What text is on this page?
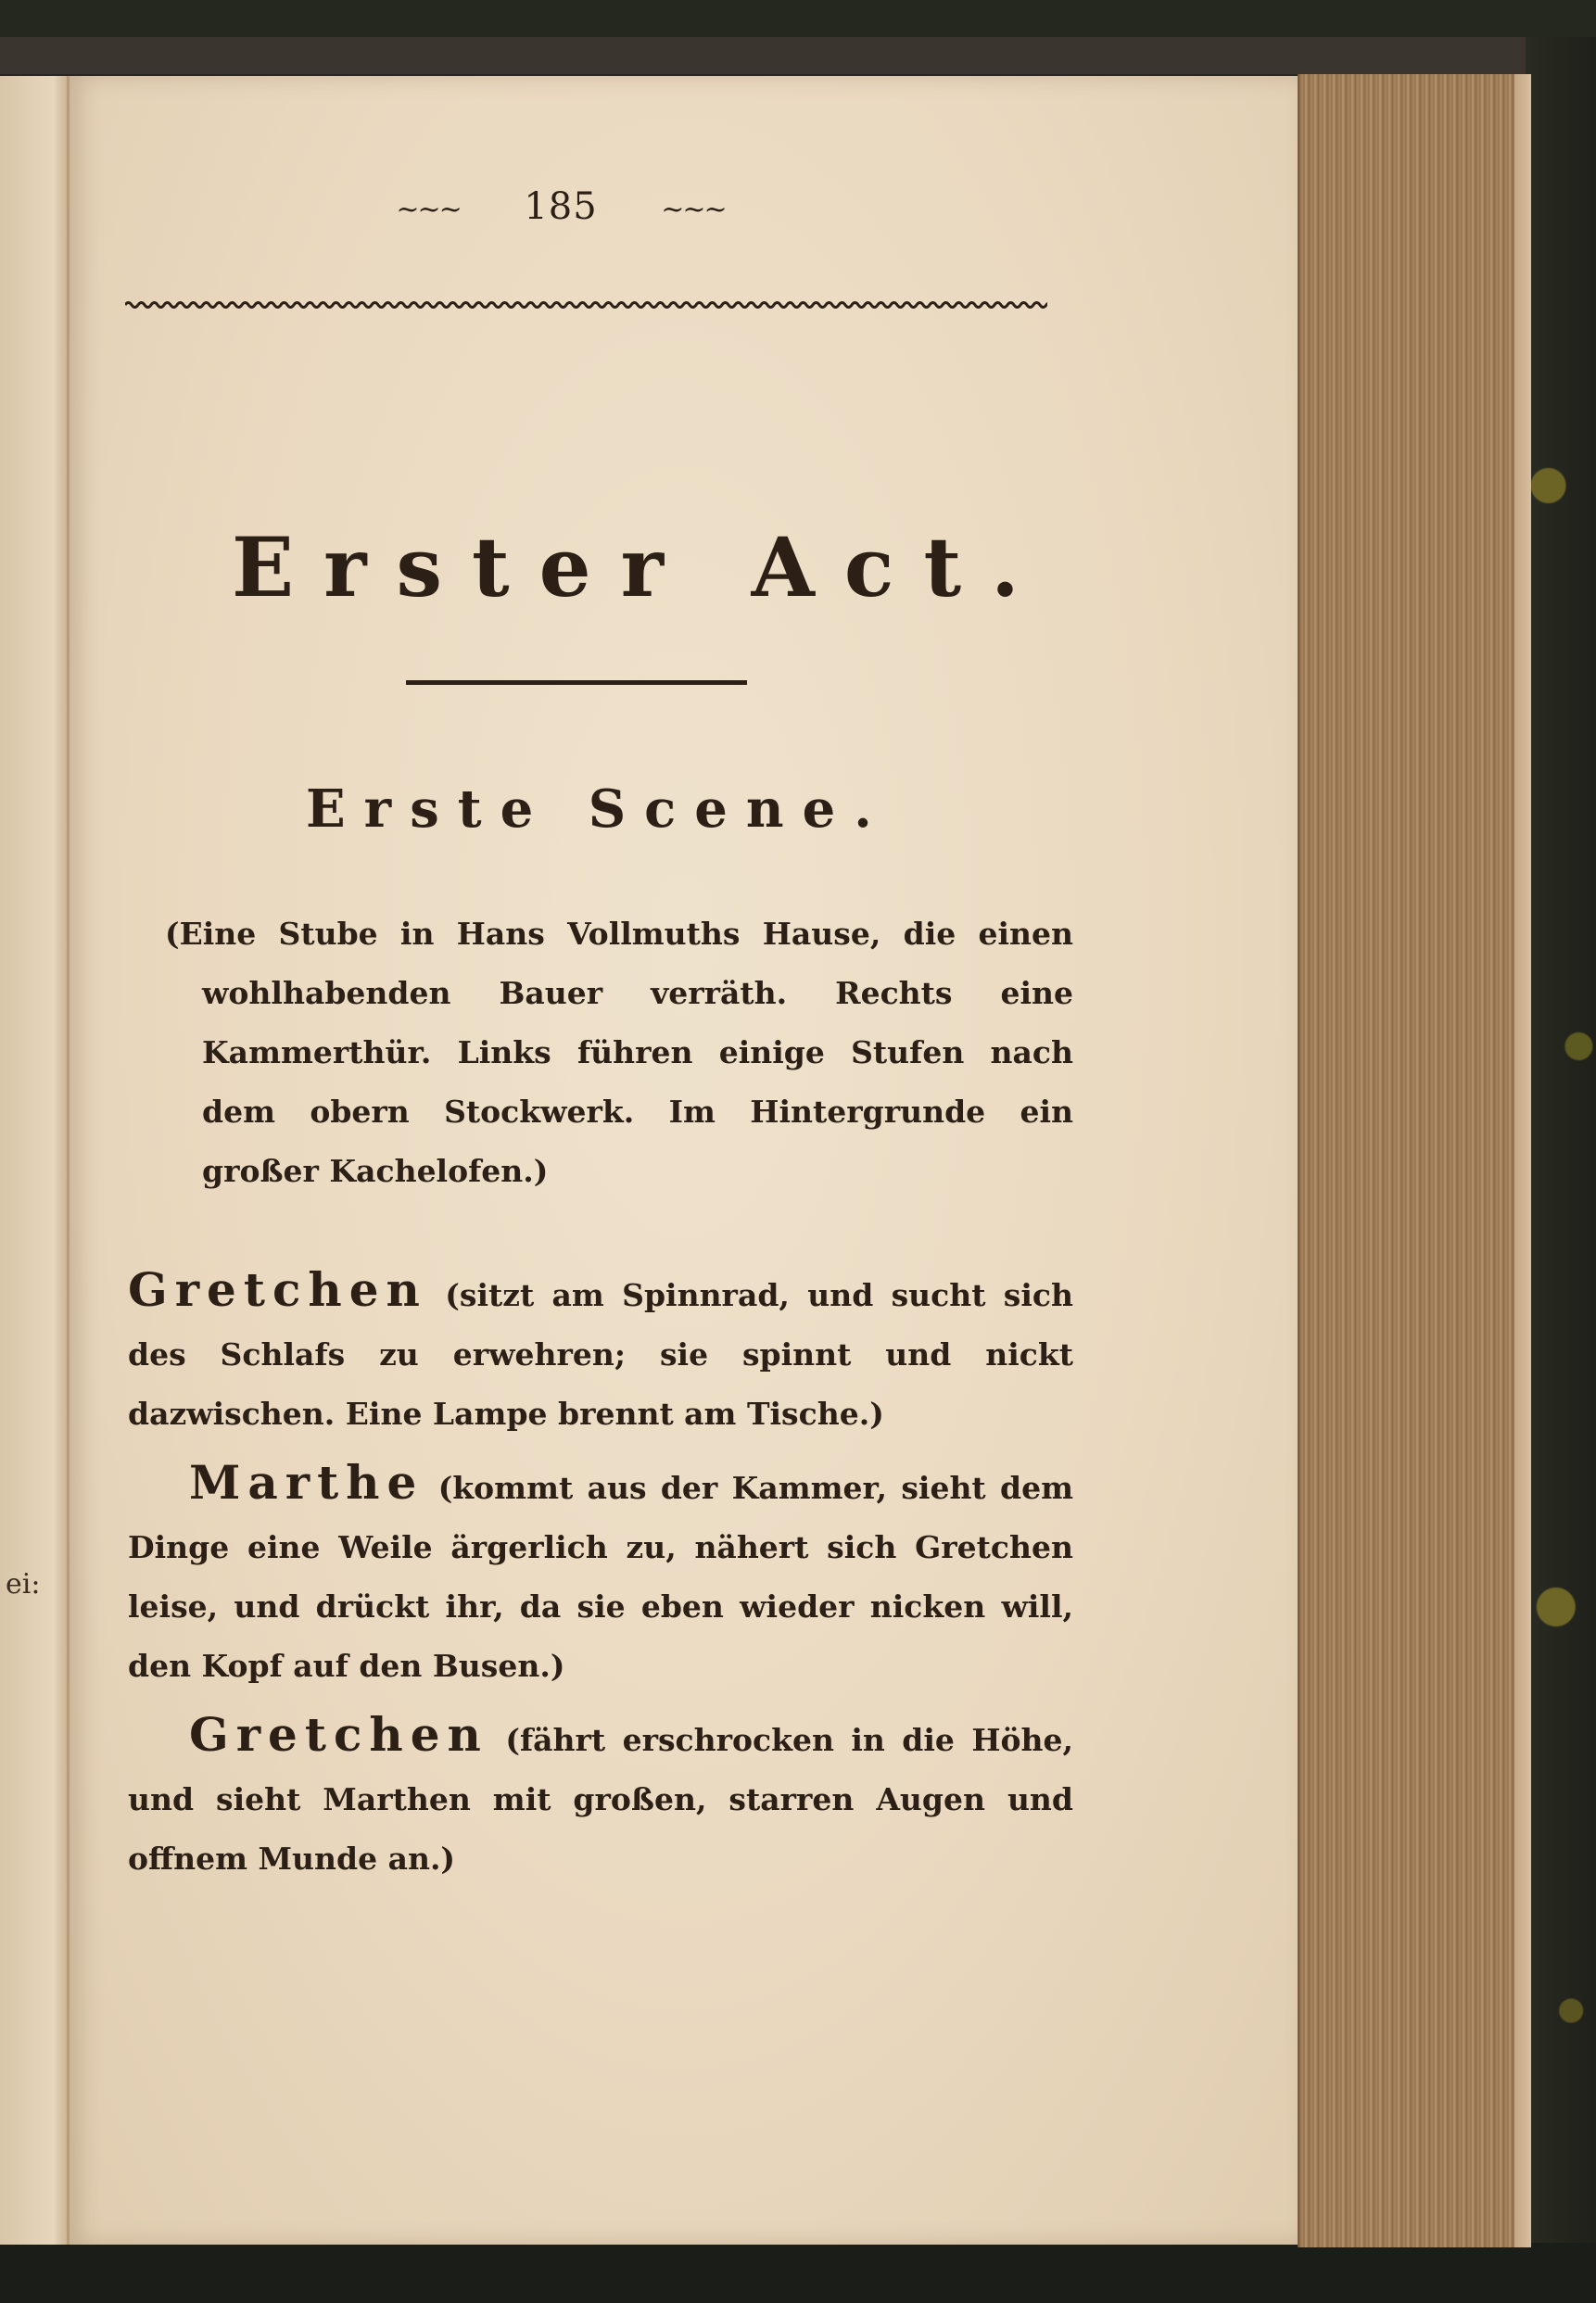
ei:
~~~ 185 ~~~
Erster Act.
Erste Scene.
(Eine Stube in Hans Vollmuths Hause, die einen wohlhabenden Bauer verräth. Rechts eine Kammerthür. Links führen einige Stufen nach dem obern Stockwerk. Im Hintergrunde ein großer Kachelofen.)
Gretchen (sitzt am Spinnrad, und sucht sich des Schlafs zu erwehren; sie spinnt und nickt dazwischen. Eine Lampe brennt am Tische.)
Marthe (kommt aus der Kammer, sieht dem Dinge eine Weile ärgerlich zu, nähert sich Gretchen leise, und drückt ihr, da sie eben wieder nicken will, den Kopf auf den Busen.)
Gretchen (fährt erschrocken in die Höhe, und sieht Marthen mit großen, starren Augen und offnem Munde an.)
